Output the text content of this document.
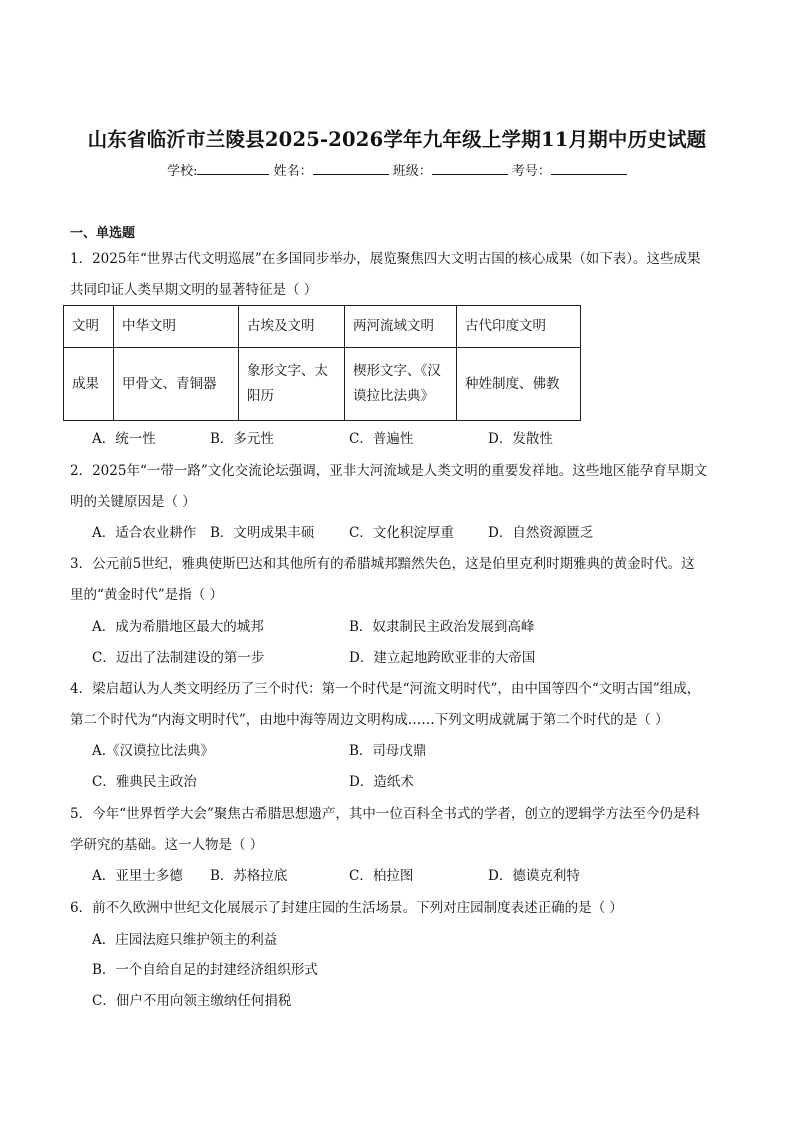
山东省临沂市兰陵县2025-2026学年九年级上学期11月期中历史试题
学校:	姓名：	班级：	考号：
一、单选题
1．2025年“世界古代文明巡展”在多国同步举办，展览聚焦四大文明古国的核心成果（如下表）。这些成果
共同印证人类早期文明的显著特征是（ ）
文明	中华文明	古埃及文明	两河流域文明	古代印度文明
成果	甲骨文、青铜器	象形文字、太阳历	楔形文字、《汉谟拉比法典》	种姓制度、佛教
A．统一性	B．多元性	C．普遍性	D．发散性
2．2025年“一带一路”文化交流论坛强调，亚非大河流域是人类文明的重要发祥地。这些地区能孕育早期文
明的关键原因是（ ）
A．适合农业耕作 B．文明成果丰硕	C．文化积淀厚重	D．自然资源匮乏
3．公元前5世纪，雅典使斯巴达和其他所有的希腊城邦黯然失色，这是伯里克利时期雅典的黄金时代。这
里的“黄金时代”是指（ ）
A．成为希腊地区最大的城邦	B．奴隶制民主政治发展到高峰
C．迈出了法制建设的第一步	D．建立起地跨欧亚非的大帝国
4．梁启超认为人类文明经历了三个时代：第一个时代是“河流文明时代”，由中国等四个“文明古国”组成，
第二个时代为“内海文明时代”，由地中海等周边文明构成……下列文明成就属于第二个时代的是（ ）
A.《汉谟拉比法典》	B．司母戊鼎
C．雅典民主政治	D．造纸术
5．今年“世界哲学大会”聚焦古希腊思想遗产，其中一位百科全书式的学者，创立的逻辑学方法至今仍是科
学研究的基础。这一人物是（ ）
A．亚里士多德 B．苏格拉底	C．柏拉图	D．德谟克利特
6．前不久欧洲中世纪文化展展示了封建庄园的生活场景。下列对庄园制度表述正确的是（ ）
A．庄园法庭只维护领主的利益
B．一个自给自足的封建经济组织形式
C．佃户不用向领主缴纳任何捐税
